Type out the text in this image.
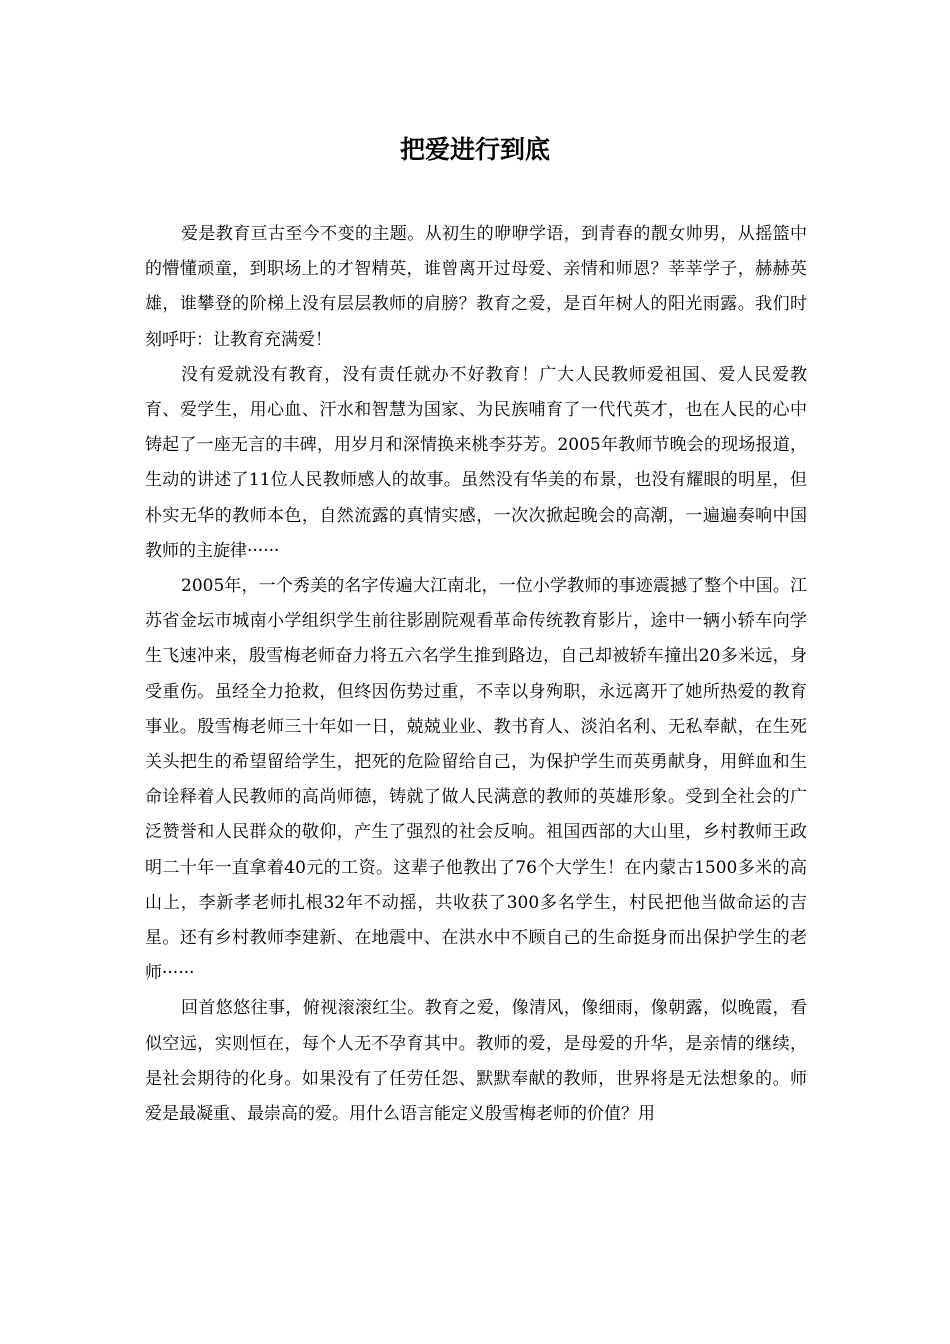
把爱进行到底

爱是教育亘古至今不变的主题。从初生的咿咿学语，到青春的靓女帅男，从摇篮中的懵懂顽童，到职场上的才智精英，谁曾离开过母爱、亲情和师恩？莘莘学子，赫赫英雄，谁攀登的阶梯上没有层层教师的肩膀？教育之爱，是百年树人的阳光雨露。我们时刻呼吁：让教育充满爱！

没有爱就没有教育，没有责任就办不好教育！广大人民教师爱祖国、爱人民爱教育、爱学生，用心血、汗水和智慧为国家、为民族哺育了一代代英才，也在人民的心中铸起了一座无言的丰碑，用岁月和深情换来桃李芬芳。2005年教师节晚会的现场报道，生动的讲述了11位人民教师感人的故事。虽然没有华美的布景，也没有耀眼的明星，但朴实无华的教师本色，自然流露的真情实感，一次次掀起晚会的高潮，一遍遍奏响中国教师的主旋律······

2005年，一个秀美的名字传遍大江南北，一位小学教师的事迹震撼了整个中国。江苏省金坛市城南小学组织学生前往影剧院观看革命传统教育影片，途中一辆小轿车向学生飞速冲来，殷雪梅老师奋力将五六名学生推到路边，自己却被轿车撞出20多米远，身受重伤。虽经全力抢救，但终因伤势过重，不幸以身殉职，永远离开了她所热爱的教育事业。殷雪梅老师三十年如一日，兢兢业业、教书育人、淡泊名利、无私奉献，在生死关头把生的希望留给学生，把死的危险留给自己，为保护学生而英勇献身，用鲜血和生命诠释着人民教师的高尚师德，铸就了做人民满意的教师的英雄形象。受到全社会的广泛赞誉和人民群众的敬仰，产生了强烈的社会反响。祖国西部的大山里，乡村教师王政明二十年一直拿着40元的工资。这辈子他教出了76个大学生！在内蒙古1500多米的高山上，李新孝老师扎根32年不动摇，共收获了300多名学生，村民把他当做命运的吉星。还有乡村教师李建新、在地震中、在洪水中不顾自己的生命挺身而出保护学生的老师······

回首悠悠往事，俯视滚滚红尘。教育之爱，像清风，像细雨，像朝露，似晚霞，看似空远，实则恒在，每个人无不孕育其中。教师的爱，是母爱的升华，是亲情的继续，是社会期待的化身。如果没有了任劳任怨、默默奉献的教师，世界将是无法想象的。师爱是最凝重、最崇高的爱。用什么语言能定义殷雪梅老师的价值？用
